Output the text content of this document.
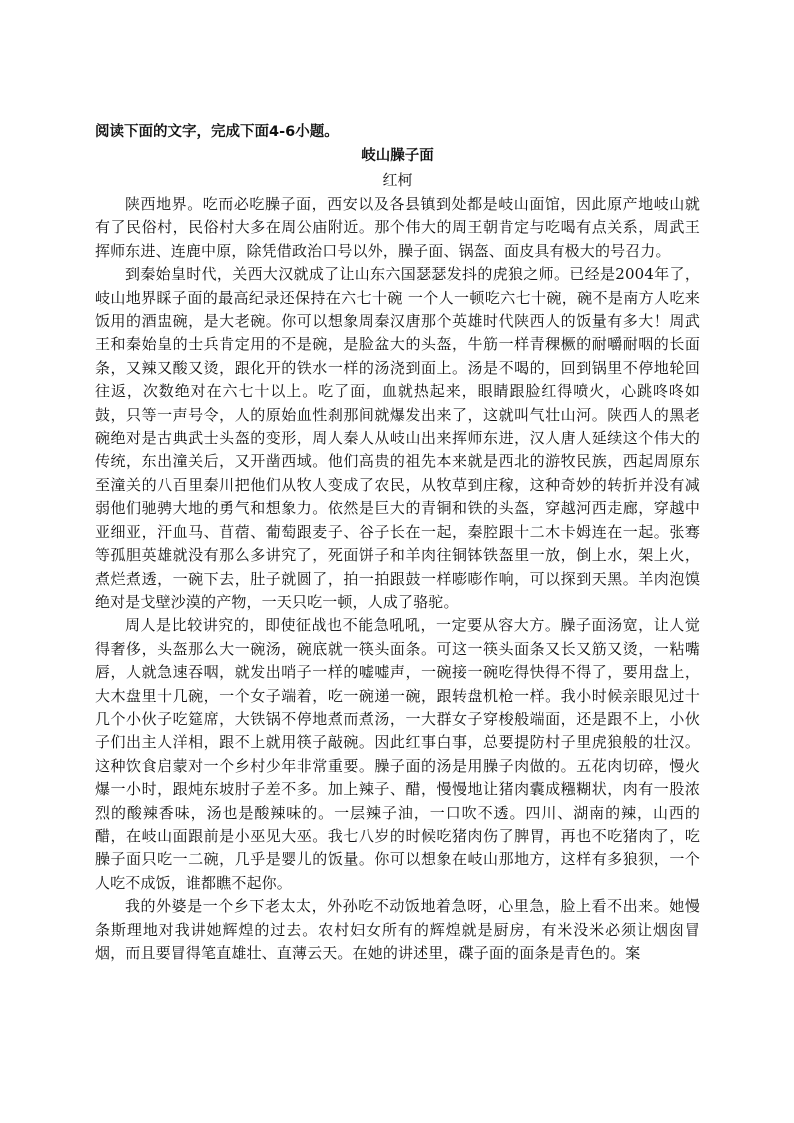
阅读下面的文字，完成下面4-6小题。

岐山臊子面

红柯

陕西地界。吃而必吃臊子面，西安以及各县镇到处都是岐山面馆，因此原产地岐山就有了民俗村，民俗村大多在周公庙附近。那个伟大的周王朝肯定与吃喝有点关系，周武王挥师东进、连鹿中原，除凭借政治口号以外，臊子面、锅盔、面皮具有极大的号召力。

到秦始皇时代，关西大汉就成了让山东六国瑟瑟发抖的虎狼之师。已经是2004年了，岐山地界睬子面的最高纪录还保持在六七十碗 一个人一顿吃六七十碗，碗不是南方人吃来饭用的酒盅碗，是大老碗。你可以想象周秦汉唐那个英雄时代陕西人的饭量有多大！周武王和秦始皇的士兵肯定用的不是碗，是脸盆大的头盔，牛筋一样青稞橛的耐嚼耐咽的长面条，又辣又酸又烫，跟化开的铁水一样的汤浇到面上。汤是不喝的，回到锅里不停地轮回往返，次数绝对在六七十以上。吃了面，血就热起来，眼睛跟脸红得喷火，心跳咚咚如鼓，只等一声号令，人的原始血性刹那间就爆发出来了，这就叫气壮山河。陕西人的黑老碗绝对是古典武士头盔的变形，周人秦人从岐山出来挥师东进，汉人唐人延续这个伟大的传统，东出潼关后，又开凿西域。他们高贵的祖先本来就是西北的游牧民族，西起周原东至潼关的八百里秦川把他们从牧人变成了农民，从牧草到庄稼，这种奇妙的转折并没有减弱他们驰骋大地的勇气和想象力。依然是巨大的青铜和铁的头盔，穿越河西走廊，穿越中亚细亚，汗血马、苜蓿、葡萄跟麦子、谷子长在一起，秦腔跟十二木卡姆连在一起。张骞等孤胆英雄就没有那么多讲究了，死面饼子和羊肉往铜钵铁盔里一放，倒上水，架上火，煮烂煮透，一碗下去，肚子就圆了，拍一拍跟鼓一样嘭嘭作响，可以探到天黑。羊肉泡馍绝对是戈壁沙漠的产物，一天只吃一顿，人成了骆驼。

周人是比较讲究的，即使征战也不能急吼吼，一定要从容大方。臊子面汤宽，让人觉得奢侈，头盔那么大一碗汤，碗底就一筷头面条。可这一筷头面条又长又筋又烫，一粘嘴唇，人就急速吞咽，就发出哨子一样的嘘嘘声，一碗接一碗吃得快得不得了，要用盘上，大木盘里十几碗，一个女子端着，吃一碗递一碗，跟转盘机枪一样。我小时候亲眼见过十几个小伙子吃筵席，大铁锅不停地煮而煮汤，一大群女子穿梭般端面，还是跟不上，小伙子们出主人洋相，跟不上就用筷子敲碗。因此红事白事，总要提防村子里虎狼般的壮汉。这种饮食启蒙对一个乡村少年非常重要。臊子面的汤是用臊子肉做的。五花肉切碎，慢火爆一小时，跟炖东坡肘子差不多。加上辣子、醋，慢慢地让猪肉囊成糨糊状，肉有一股浓烈的酸辣香味，汤也是酸辣味的。一层辣子油，一口吹不透。四川、湖南的辣，山西的醋，在岐山面跟前是小巫见大巫。我七八岁的时候吃猪肉伤了脾胃，再也不吃猪肉了，吃臊子面只吃一二碗，几乎是婴儿的饭量。你可以想象在岐山那地方，这样有多狼狈，一个人吃不成饭，谁都瞧不起你。

我的外婆是一个乡下老太太，外孙吃不动饭地着急呀，心里急，脸上看不出来。她慢条斯理地对我讲她辉煌的过去。农村妇女所有的辉煌就是厨房，有米没米必须让烟囱冒烟，而且要冒得笔直雄壮、直薄云天。在她的讲述里，碟子面的面条是青色的。案
